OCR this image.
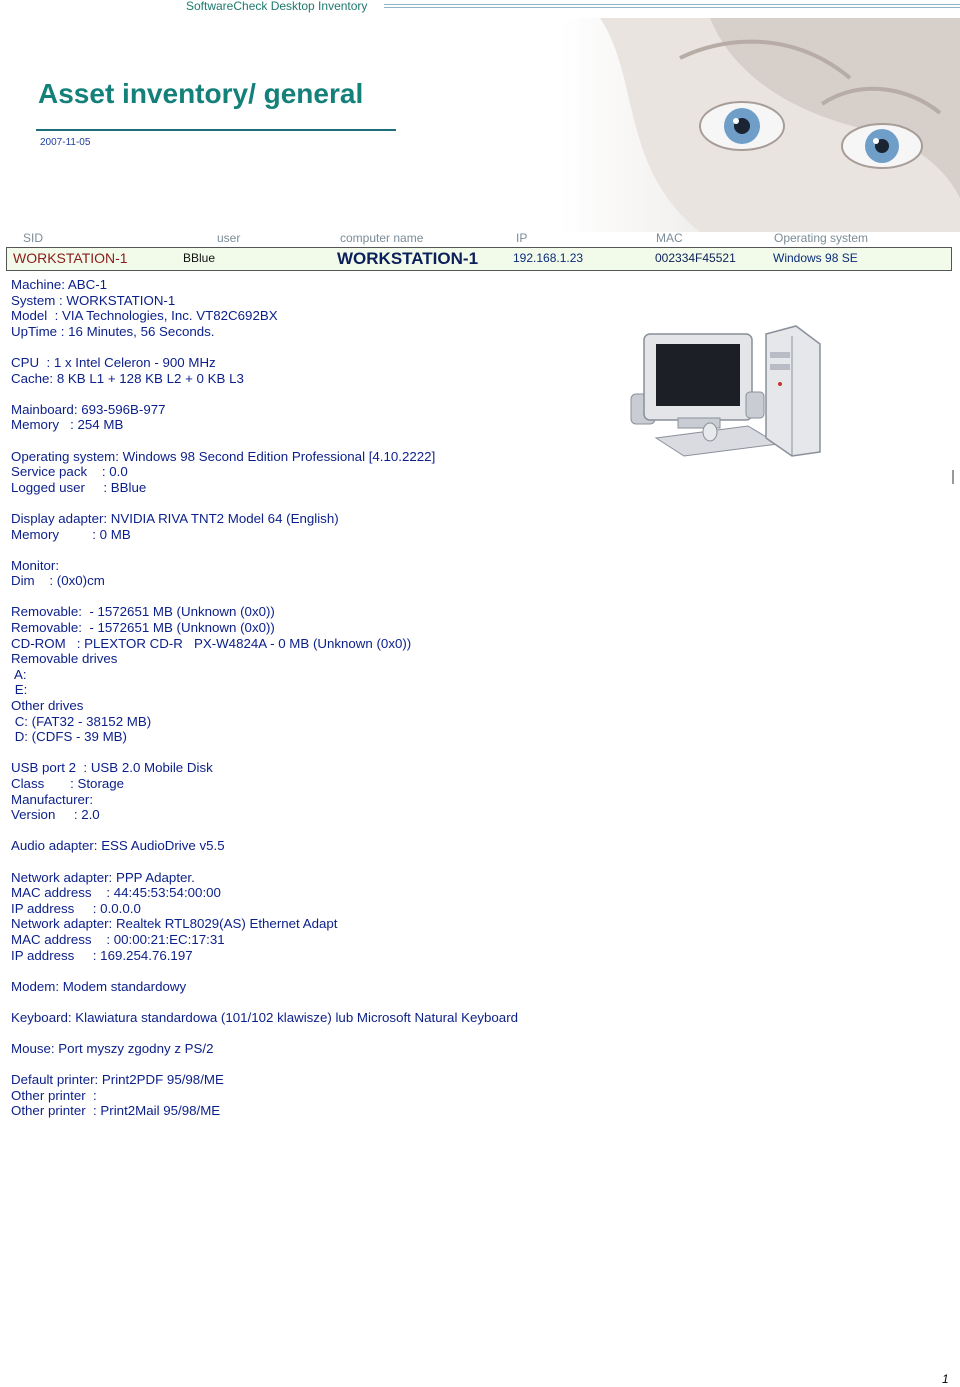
SoftwareCheck Desktop Inventory
Asset inventory/ general
2007-11-05
SID	user	computer name	IP	MAC	Operating system
WORKSTATION-1	BBlue	WORKSTATION-1	192.168.1.23	002334F45521	Windows 98 SE
Machine: ABC-1
System : WORKSTATION-1
Model  : VIA Technologies, Inc. VT82C692BX
UpTime : 16 Minutes, 56 Seconds.
CPU  : 1 x Intel Celeron - 900 MHz
Cache: 8 KB L1 + 128 KB L2 + 0 KB L3
Mainboard: 693-596B-977
Memory   : 254 MB
Operating system: Windows 98 Second Edition Professional [4.10.2222]
Service pack    : 0.0
Logged user     : BBlue
Display adapter: NVIDIA RIVA TNT2 Model 64 (English)
Memory         : 0 MB
Monitor:
Dim    : (0x0)cm
Removable:  - 1572651 MB (Unknown (0x0))
Removable:  - 1572651 MB (Unknown (0x0))
CD-ROM   : PLEXTOR CD-R   PX-W4824A - 0 MB (Unknown (0x0))
Removable drives
A:
E:
Other drives
C: (FAT32 - 38152 MB)
D: (CDFS - 39 MB)
USB port 2  : USB 2.0 Mobile Disk
Class       : Storage
Manufacturer:
Version     : 2.0
Audio adapter: ESS AudioDrive v5.5
Network adapter: PPP Adapter.
MAC address    : 44:45:53:54:00:00
IP address     : 0.0.0.0
Network adapter: Realtek RTL8029(AS) Ethernet Adapt
MAC address    : 00:00:21:EC:17:31
IP address     : 169.254.76.197
Modem: Modem standardowy
Keyboard: Klawiatura standardowa (101/102 klawisze) lub Microsoft Natural Keyboard
Mouse: Port myszy zgodny z PS/2
Default printer: Print2PDF 95/98/ME
Other printer  :
Other printer  : Print2Mail 95/98/ME
1
